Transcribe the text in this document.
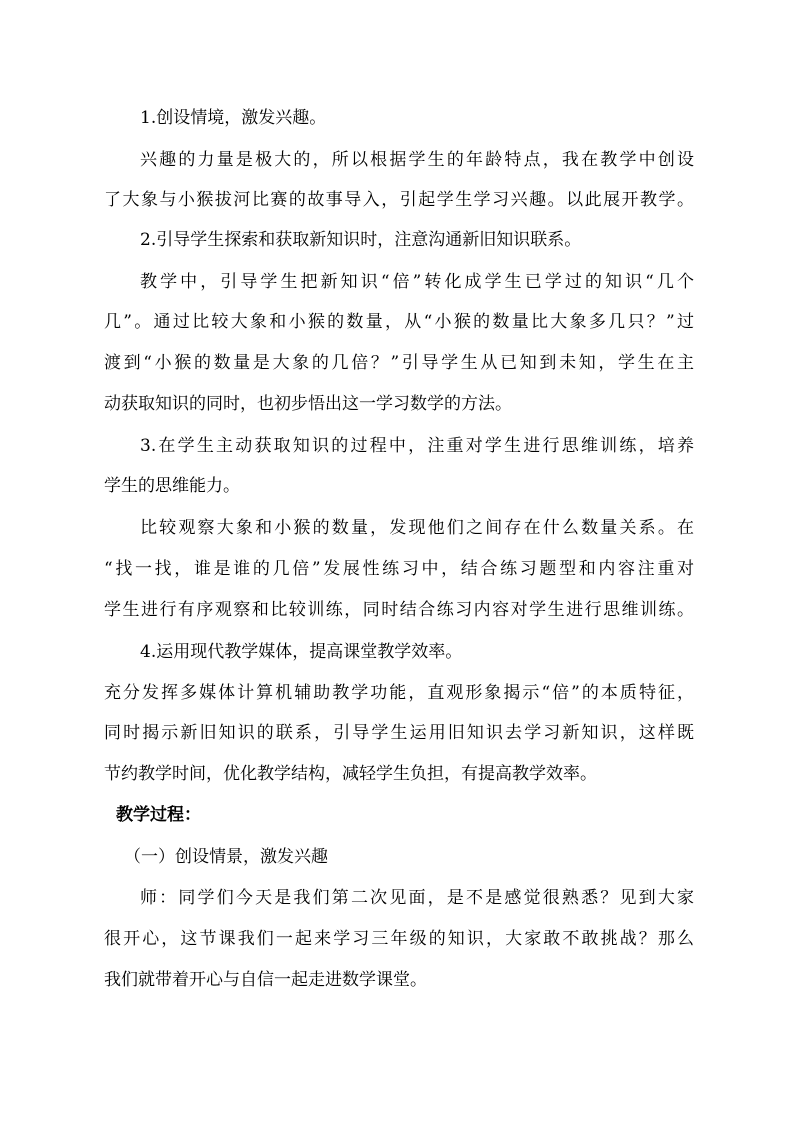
1.创设情境，激发兴趣。
兴趣的力量是极大的，所以根据学生的年龄特点，我在教学中创设
了大象与小猴拔河比赛的故事导入，引起学生学习兴趣。以此展开教学。
2.引导学生探索和获取新知识时，注意沟通新旧知识联系。
教学中，引导学生把新知识“倍”转化成学生已学过的知识“几个
几”。通过比较大象和小猴的数量，从“小猴的数量比大象多几只？”过
渡到“小猴的数量是大象的几倍？”引导学生从已知到未知，学生在主
动获取知识的同时，也初步悟出这一学习数学的方法。
3.在学生主动获取知识的过程中，注重对学生进行思维训练，培养
学生的思维能力。
比较观察大象和小猴的数量，发现他们之间存在什么数量关系。在
“找一找，谁是谁的几倍”发展性练习中，结合练习题型和内容注重对
学生进行有序观察和比较训练，同时结合练习内容对学生进行思维训练。
4.运用现代教学媒体，提高课堂教学效率。
充分发挥多媒体计算机辅助教学功能，直观形象揭示“倍”的本质特征，
同时揭示新旧知识的联系，引导学生运用旧知识去学习新知识，这样既
节约教学时间，优化教学结构，减轻学生负担，有提高教学效率。
教学过程：
（一）创设情景，激发兴趣
师：同学们今天是我们第二次见面，是不是感觉很熟悉？见到大家
很开心，这节课我们一起来学习三年级的知识，大家敢不敢挑战？那么
我们就带着开心与自信一起走进数学课堂。
